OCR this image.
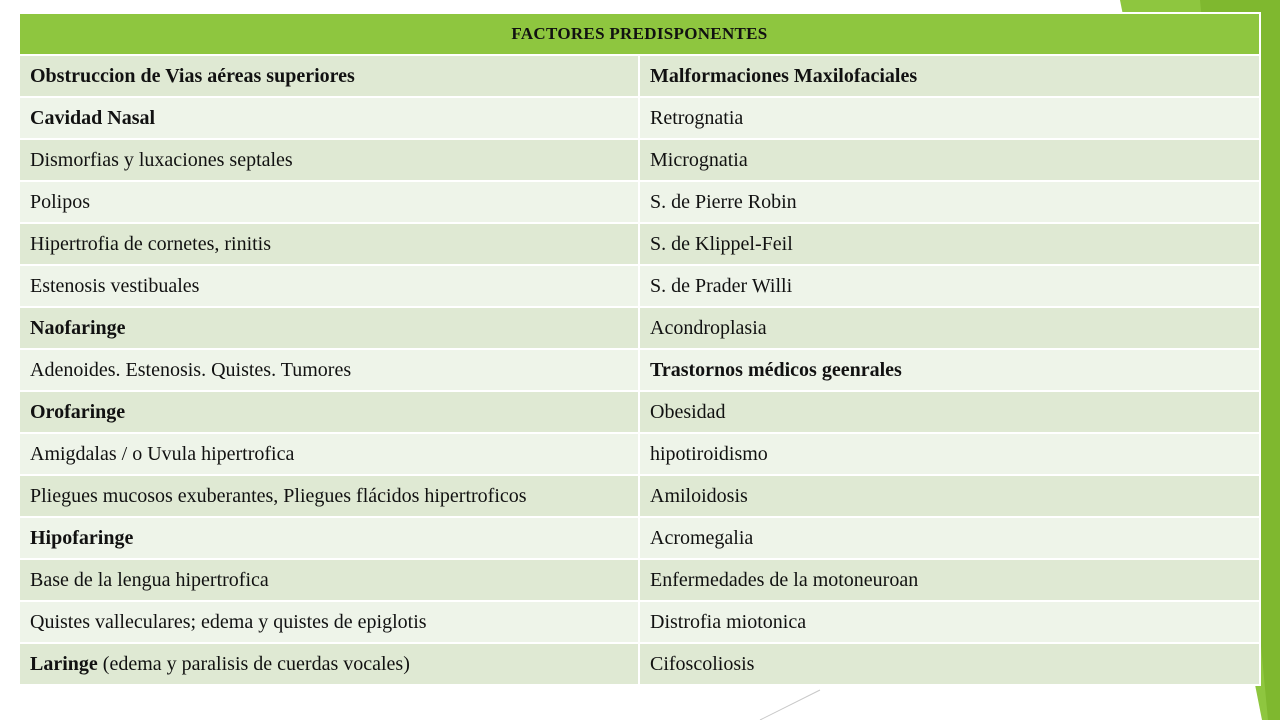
FACTORES PREDISPONENTES	
Obstruccion de Vias aéreas superiores	Malformaciones Maxilofaciales
Cavidad Nasal	Retrognatia
Dismorfias y luxaciones septales	Micrognatia
Polipos	S. de Pierre Robin
Hipertrofia de cornetes, rinitis	S. de Klippel-Feil
Estenosis vestibuales	S. de Prader Willi
Naofaringe	Acondroplasia
Adenoides. Estenosis. Quistes. Tumores	Trastornos médicos geenrales
Orofaringe	Obesidad
Amigdalas / o Uvula hipertrofica	hipotiroidismo
Pliegues mucosos exuberantes, Pliegues flácidos hipertroficos	Amiloidosis
Hipofaringe	Acromegalia
Base de la lengua hipertrofica	Enfermedades de la motoneuroan
Quistes valleculares; edema y quistes de epiglotis	Distrofia miotonica
Laringe (edema y paralisis de cuerdas vocales)	Cifoscoliosis
